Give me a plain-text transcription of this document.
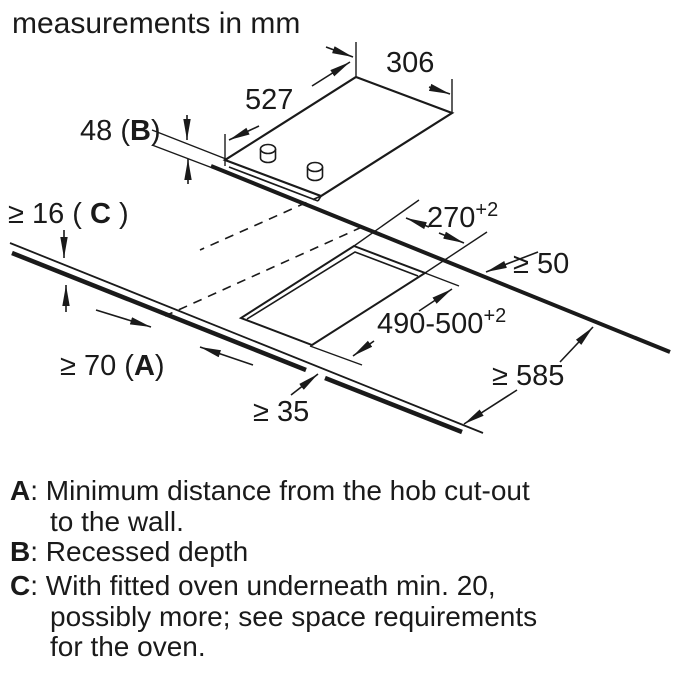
measurements in mm
306
527
48 (B)
≥ 16 ( C )	$270^{+2}$
≥ 50
$490-500^{+2}$
≥ 70 (A)	≥ 585
≥ 35
A: Minimum distance from the hob cut-out
to the wall.
B: Recessed depth
C: With fitted oven underneath min. 20,
possibly more; see space requirements
for the oven.
